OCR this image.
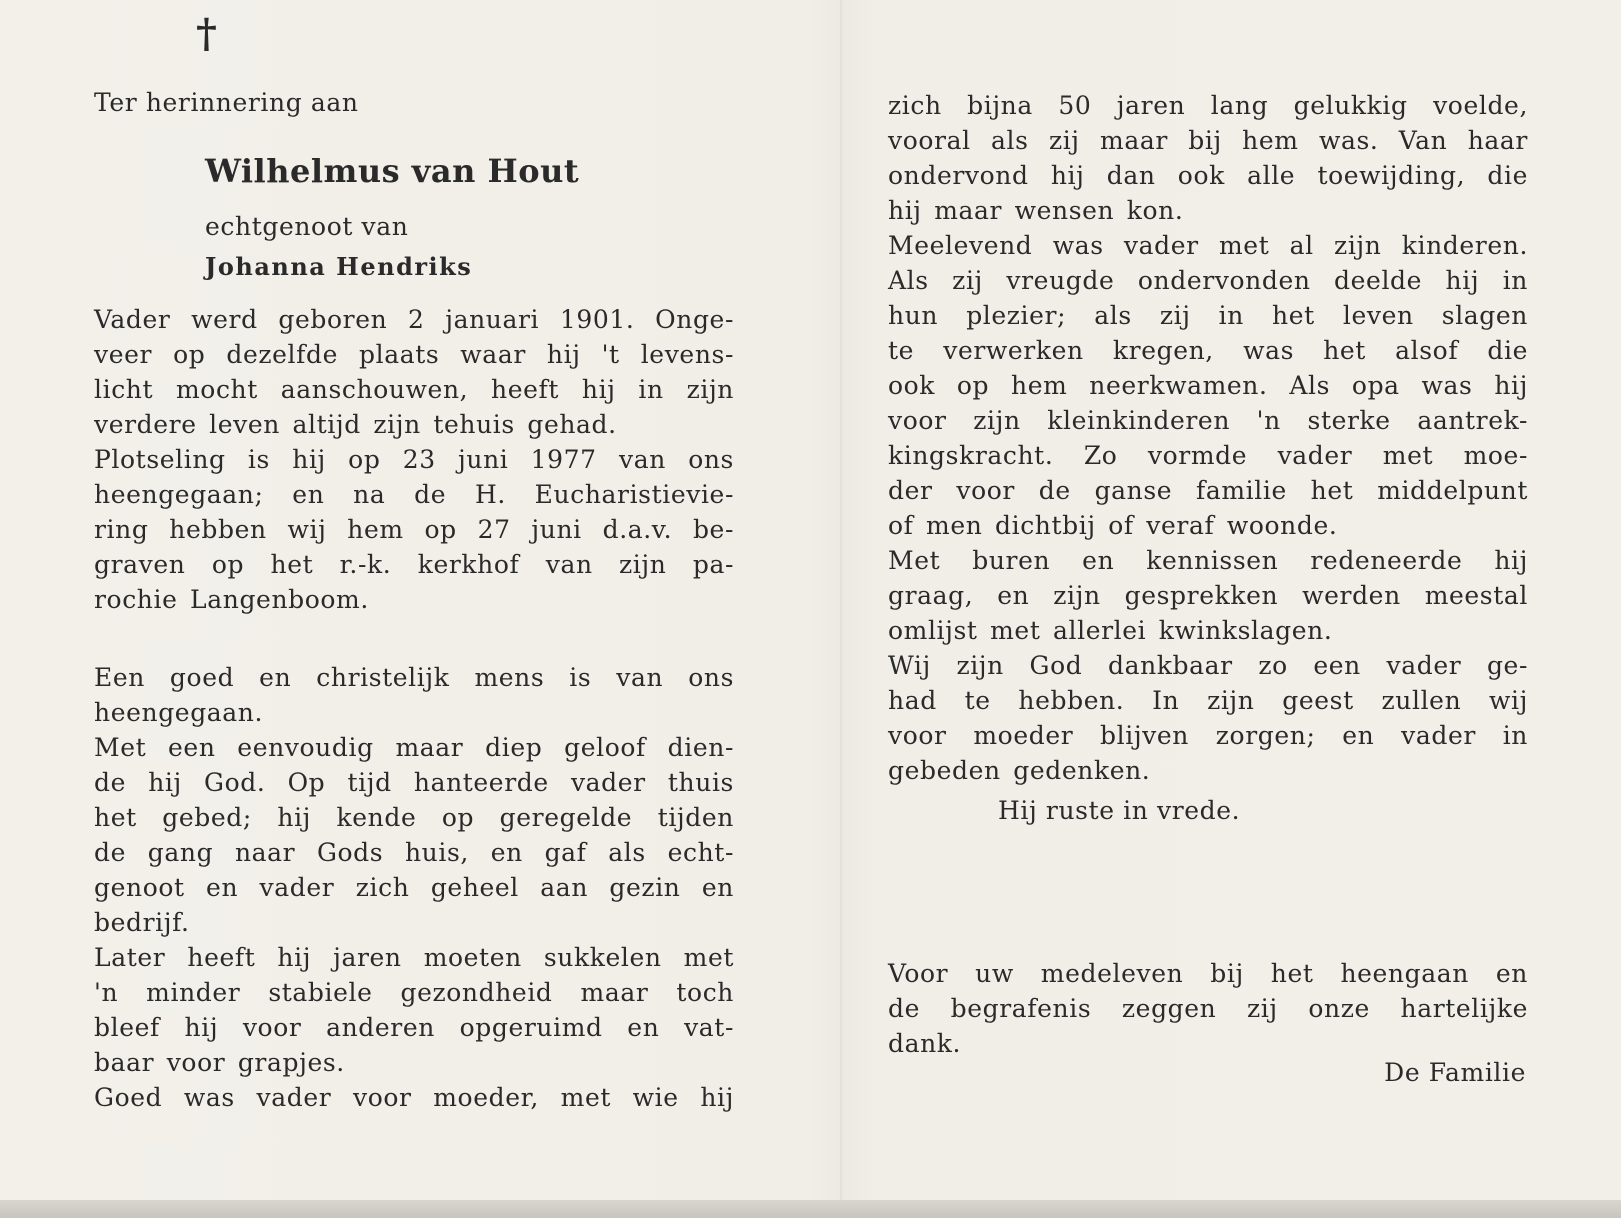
†
Ter herinnering aan
Wilhelmus van Hout
echtgenoot van
Johanna Hendriks
Vader werd geboren 2 januari 1901. Onge-
veer op dezelfde plaats waar hij 't levens-
licht mocht aanschouwen, heeft hij in zijn
verdere leven altijd zijn tehuis gehad.
Plotseling is hij op 23 juni 1977 van ons
heengegaan; en na de H. Eucharistievie-
ring hebben wij hem op 27 juni d.a.v. be-
graven op het r.-k. kerkhof van zijn pa-
rochie Langenboom.
Een goed en christelijk mens is van ons
heengegaan.
Met een eenvoudig maar diep geloof dien-
de hij God. Op tijd hanteerde vader thuis
het gebed; hij kende op geregelde tijden
de gang naar Gods huis, en gaf als echt-
genoot en vader zich geheel aan gezin en
bedrijf.
Later heeft hij jaren moeten sukkelen met
'n minder stabiele gezondheid maar toch
bleef hij voor anderen opgeruimd en vat-
baar voor grapjes.
Goed was vader voor moeder, met wie hij
zich bijna 50 jaren lang gelukkig voelde,
vooral als zij maar bij hem was. Van haar
ondervond hij dan ook alle toewijding, die
hij maar wensen kon.
Meelevend was vader met al zijn kinderen.
Als zij vreugde ondervonden deelde hij in
hun plezier; als zij in het leven slagen
te verwerken kregen, was het alsof die
ook op hem neerkwamen. Als opa was hij
voor zijn kleinkinderen 'n sterke aantrek-
kingskracht. Zo vormde vader met moe-
der voor de ganse familie het middelpunt
of men dichtbij of veraf woonde.
Met buren en kennissen redeneerde hij
graag, en zijn gesprekken werden meestal
omlijst met allerlei kwinkslagen.
Wij zijn God dankbaar zo een vader ge-
had te hebben. In zijn geest zullen wij
voor moeder blijven zorgen; en vader in
gebeden gedenken.
Hij ruste in vrede.
Voor uw medeleven bij het heengaan en
de begrafenis zeggen zij onze hartelijke
dank.
De Familie
